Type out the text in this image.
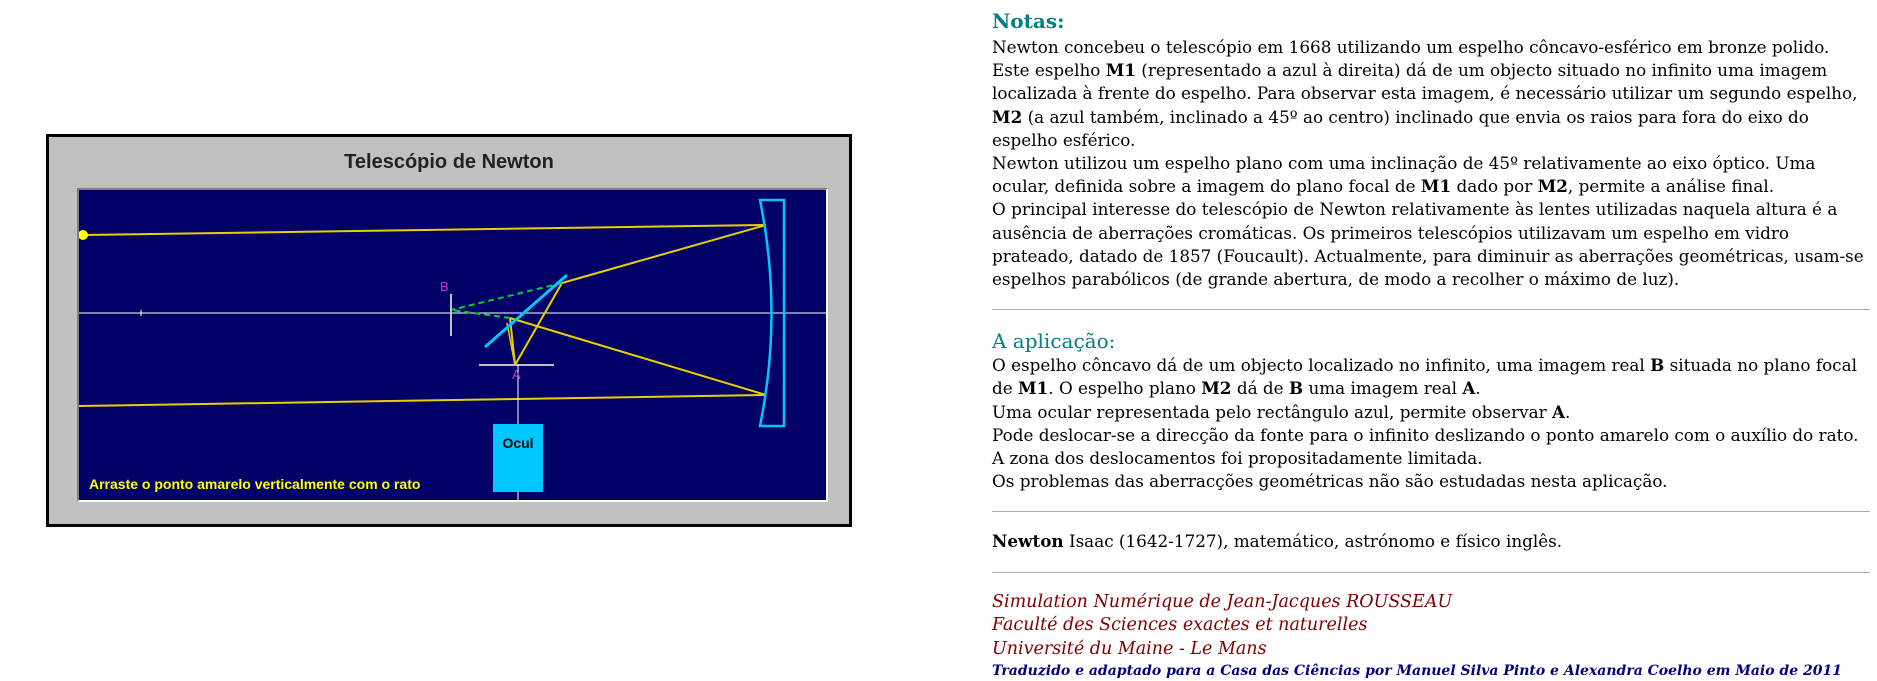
Telescópio de Newton
B
A
Ocul
Arraste o ponto amarelo verticalmente com o rato
Notas:

Newton concebeu o telescópio em 1668 utilizando um espelho côncavo-esférico em bronze polido. Este espelho M1 (representado a azul à direita) dá de um objecto situado no infinito uma imagem localizada à frente do espelho. Para observar esta imagem, é necessário utilizar um segundo espelho, M2 (a azul também, inclinado a 45º ao centro) inclinado que envia os raios para fora do eixo do espelho esférico.

Newton utilizou um espelho plano com uma inclinação de 45º relativamente ao eixo óptico. Uma ocular, definida sobre a imagem do plano focal de M1 dado por M2, permite a análise final.

O principal interesse do telescópio de Newton relativamente às lentes utilizadas naquela altura é a ausência de aberrações cromáticas. Os primeiros telescópios utilizavam um espelho em vidro prateado, datado de 1857 (Foucault). Actualmente, para diminuir as aberrações geométricas, usam-se espelhos parabólicos (de grande abertura, de modo a recolher o máximo de luz).

A aplicação:

O espelho côncavo dá de um objecto localizado no infinito, uma imagem real B situada no plano focal de M1. O espelho plano M2 dá de B uma imagem real A.

Uma ocular representada pelo rectângulo azul, permite observar A.

Pode deslocar-se a direcção da fonte para o infinito deslizando o ponto amarelo com o auxílio do rato. A zona dos deslocamentos foi propositadamente limitada.

Os problemas das aberracções geométricas não são estudadas nesta aplicação.

Newton Isaac (1642-1727), matemático, astrónomo e físico inglês.

Simulation Numérique de Jean-Jacques ROUSSEAU

Faculté des Sciences exactes et naturelles

Université du Maine - Le Mans

Traduzido e adaptado para a Casa das Ciências por Manuel Silva Pinto e Alexandra Coelho em Maio de 2011
